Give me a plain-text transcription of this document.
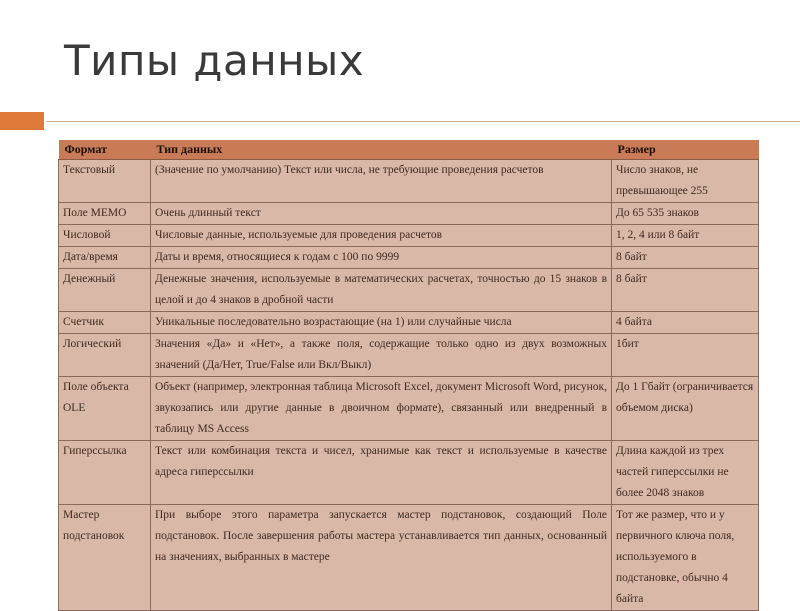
Типы данных
Формат	Тип данных	Размер
Текстовый	(Значение по умолчанию) Текст или числа, не требующие проведения расчетов	Число знаков, не превышающее 255
Поле MEMO	Очень длинный текст	До 65 535 знаков
Числовой	Числовые данные, используемые для проведения расчетов	1, 2, 4 или 8 байт
Дата/время	Даты и время, относящиеся к годам с 100 по 9999	8 байт
Денежный	Денежные значения, используемые в математических расчетах, точностью до 15 знаков в целой и до 4 знаков в дробной части	8 байт
Счетчик	Уникальные последовательно возрастающие (на 1) или случайные числа	4 байта
Логический	Значения «Да» и «Нет», а также поля, содержащие только одно из двух возможных значений (Да/Нет, True/False или Вкл/Выкл)	1бит
Поле объекта OLE	Объект (например, электронная таблица Microsoft Excel, документ Microsoft Word, рисунок, звукозапись или другие данные в двоичном формате), связанный или внедренный в таблицу MS Access	До 1 Гбайт (ограничивается объемом диска)
Гиперссылка	Текст или комбинация текста и чисел, хранимые как текст и используемые в качестве адреса гиперссылки	Длина каждой из трех частей гиперссылки не более 2048 знаков
Мастер подстановок	При выборе этого параметра запускается мастер подстановок, создающий Поле подстановок. После завершения работы мастера устанавливается тип данных, основанный на значениях, выбранных в мастере	Тот же размер, что и у первичного ключа поля, используемого в подстановке, обычно 4 байта
